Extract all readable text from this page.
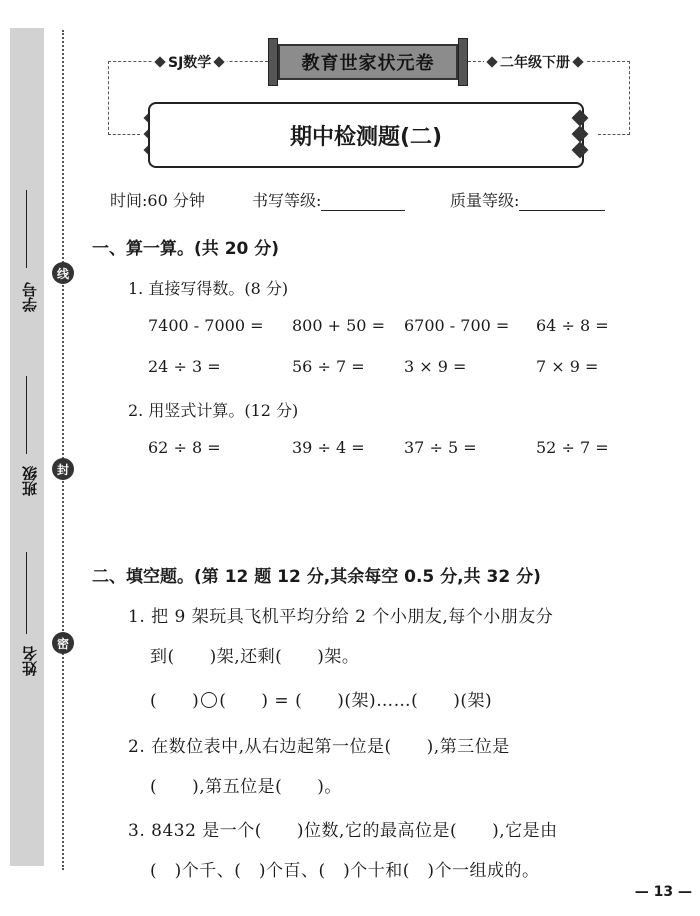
学号
班级
姓名
线
封
密
SJ数学	二年级下册
教育世家状元卷
期中检测题(二)
时间:60 分钟	书写等级:	质量等级:
一、算一算。(共 20 分)
1. 直接写得数。(8 分)
7400 - 7000 = 800 + 50 = 6700 - 700 = 64 ÷ 8 =
24 ÷ 3 =	56 ÷ 7 = 3 × 9 =	7 × 9 =
2. 用竖式计算。(12 分)
62 ÷ 8 =	39 ÷ 4 = 37 ÷ 5 =	52 ÷ 7 =
二、填空题。(第 12 题 12 分,其余每空 0.5 分,共 32 分)
1. 把 9 架玩具飞机平均分给 2 个小朋友,每个小朋友分
到(　　)架,还剩(　　)架。
(　　) (　　) = (　　)(架)……(　　)(架)
2. 在数位表中,从右边起第一位是(　　),第三位是
(　　),第五位是(　　)。
3. 8432 是一个(　　)位数,它的最高位是(　　),它是由
(　)个千、(　)个百、(　)个十和(　)个一组成的。
— 13 —
